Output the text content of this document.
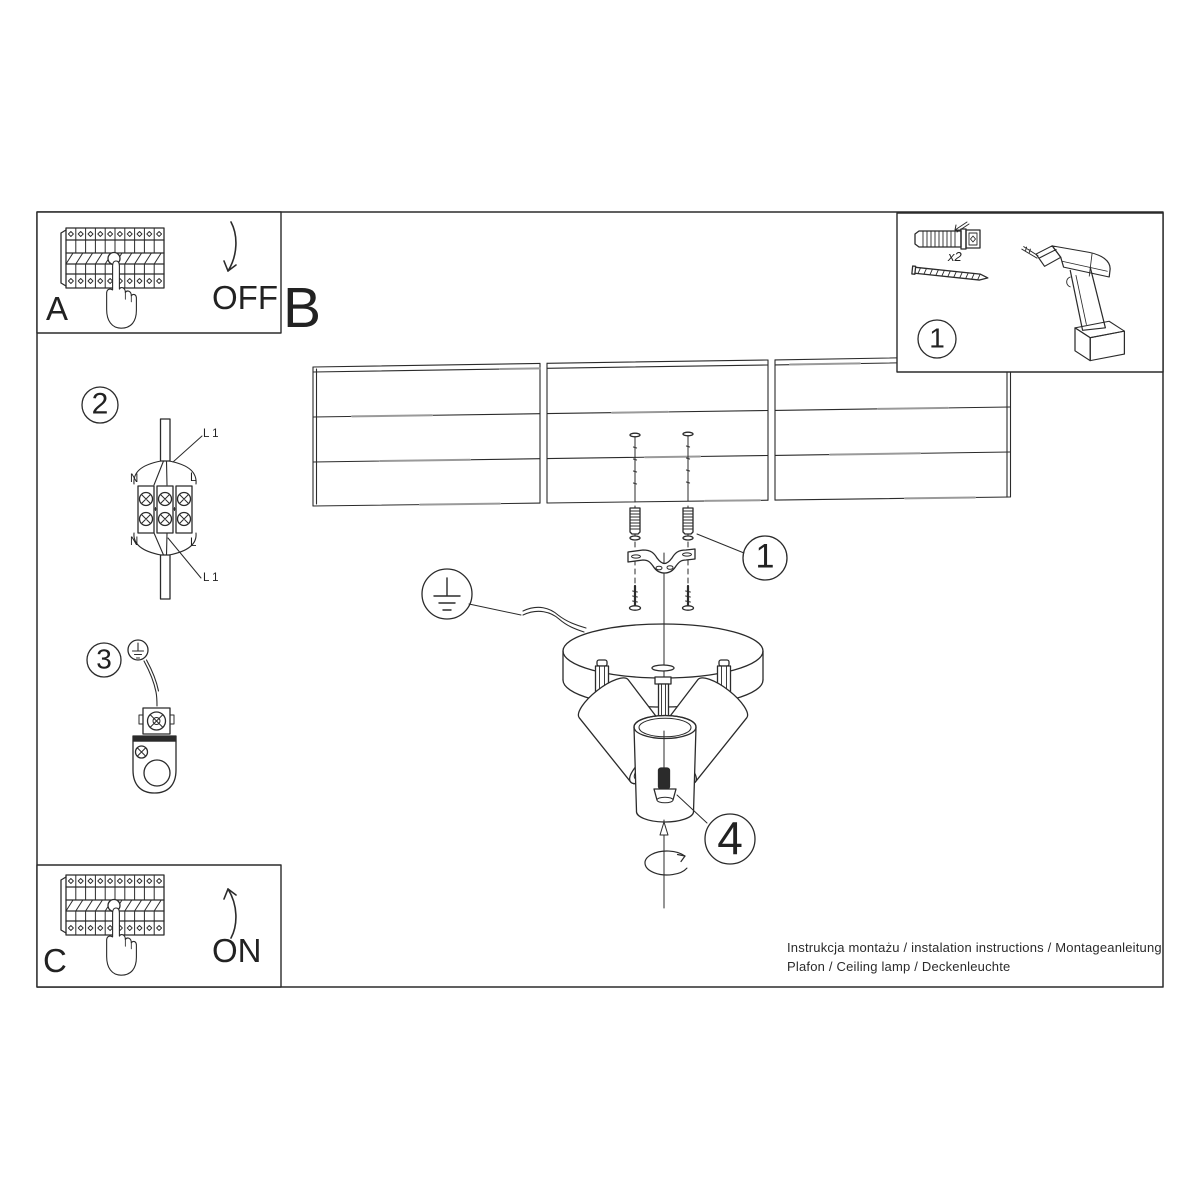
A	OFF B
C	ON
1
x2
2
L 1
N	L
N	L
L 1
3
1
4
Instrukcja montażu / instalation instructions / Montageanleitung
Plafon / Ceiling lamp / Deckenleuchte
